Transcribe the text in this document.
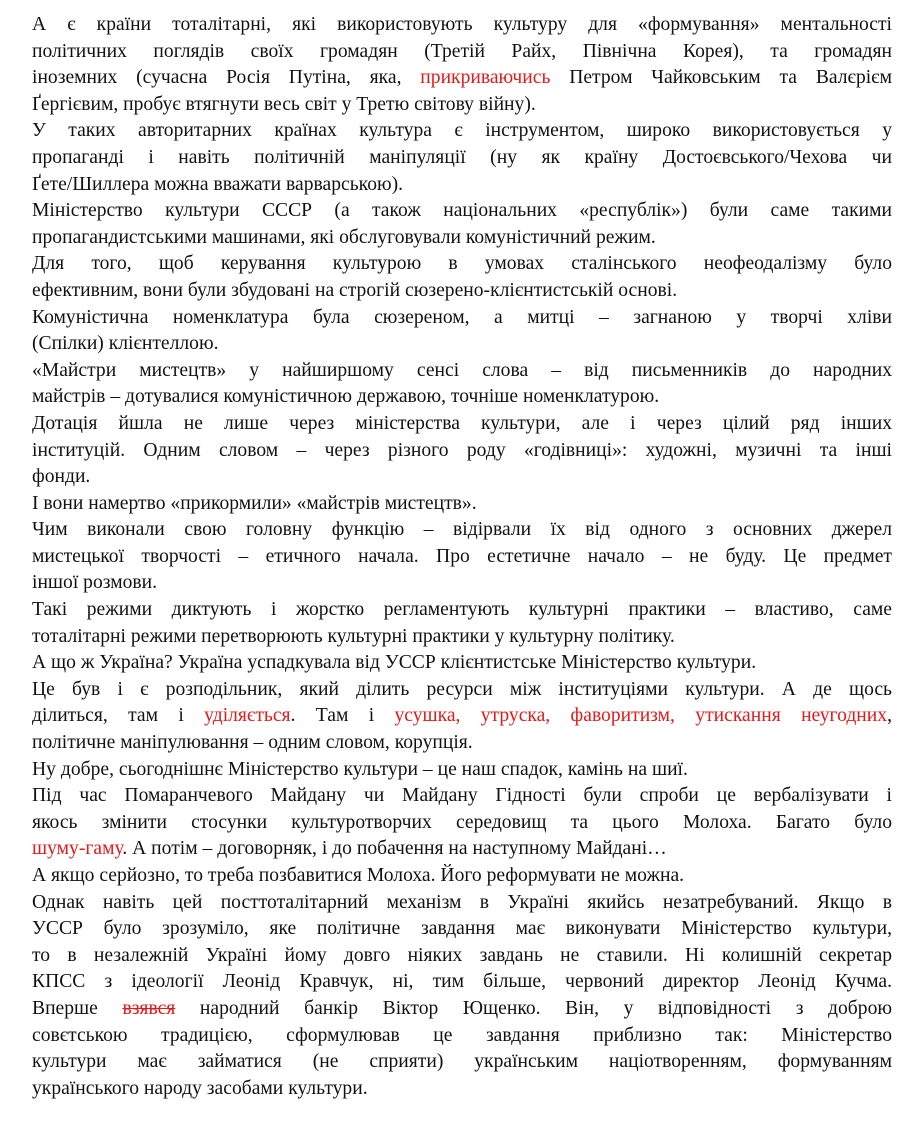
А є країни тоталітарні, які використовують культуру для «формування» ментальності
політичних поглядів своїх громадян (Третій Райх, Північна Корея), та громадян
іноземних (сучасна Росія Путіна, яка, прикриваючись Петром Чайковським та Валєрієм
Ґергієвим, пробує втягнути весь світ у Третю світову війну).
У таких авторитарних країнах культура є інструментом, широко використовується у
пропаганді і навіть політичній маніпуляції (ну як країну Достоєвського/Чехова чи
Ґете/Шиллера можна вважати варварською).
Міністерство культури СССР (а також національних «республік») були саме такими
пропагандистськими машинами, які обслуговували комуністичний режим.
Для того, щоб керування культурою в умовах сталінського неофеодалізму було
ефективним, вони були збудовані на строгій сюзерено-клієнтистській основі.
Комуністична номенклатура була сюзереном, а митці – загнаною у творчі хліви
(Спілки) клієнтеллою.
«Майстри мистецтв» у найширшому сенсі слова – від письменників до народних
майстрів – дотувалися комуністичною державою, точніше номенклатурою.
Дотація йшла не лише через міністерства культури, але і через цілий ряд інших
інституцій. Одним словом – через різного роду «годівниці»: художні, музичні та інші
фонди.
І вони намертво «прикормили» «майстрів мистецтв».
Чим виконали свою головну функцію – відірвали їх від одного з основних джерел
мистецької творчості – етичного начала. Про естетичне начало – не буду. Це предмет
іншої розмови.
Такі режими диктують і жорстко регламентують культурні практики – властиво, саме
тоталітарні режими перетворюють культурні практики у культурну політику.
А що ж Україна? Україна успадкувала від УССР клієнтистське Міністерство культури.
Це був і є розподільник, який ділить ресурси між інституціями культури. А де щось
ділиться, там і уділяється. Там і усушка, утруска, фаворитизм, утискання неугодних,
політичне маніпулювання – одним словом, корупція.
Ну добре, сьогоднішнє Міністерство культури – це наш спадок, камінь на шиї.
Під час Помаранчевого Майдану чи Майдану Гідності були спроби це вербалізувати і
якось змінити стосунки культуротворчих середовищ та цього Молоха. Багато було
шуму-гаму. А потім – договорняк, і до побачення на наступному Майдані…
А якщо серйозно, то треба позбавитися Молоха. Його реформувати не можна.
Однак навіть цей посттоталітарний механізм в Україні якийсь незатребуваний. Якщо в
УССР було зрозуміло, яке політичне завдання має виконувати Міністерство культури,
то в незалежній Україні йому довго ніяких завдань не ставили. Ні колишній секретар
КПСС з ідеології Леонід Кравчук, ні, тим більше, червоний директор Леонід Кучма.
Вперше взявся народний банкір Віктор Ющенко. Він, у відповідності з доброю
совєтською традицією, сформулював це завдання приблизно так: Міністерство
культури має займатися (не сприяти) українським націотворенням, формуванням
українського народу засобами культури.
